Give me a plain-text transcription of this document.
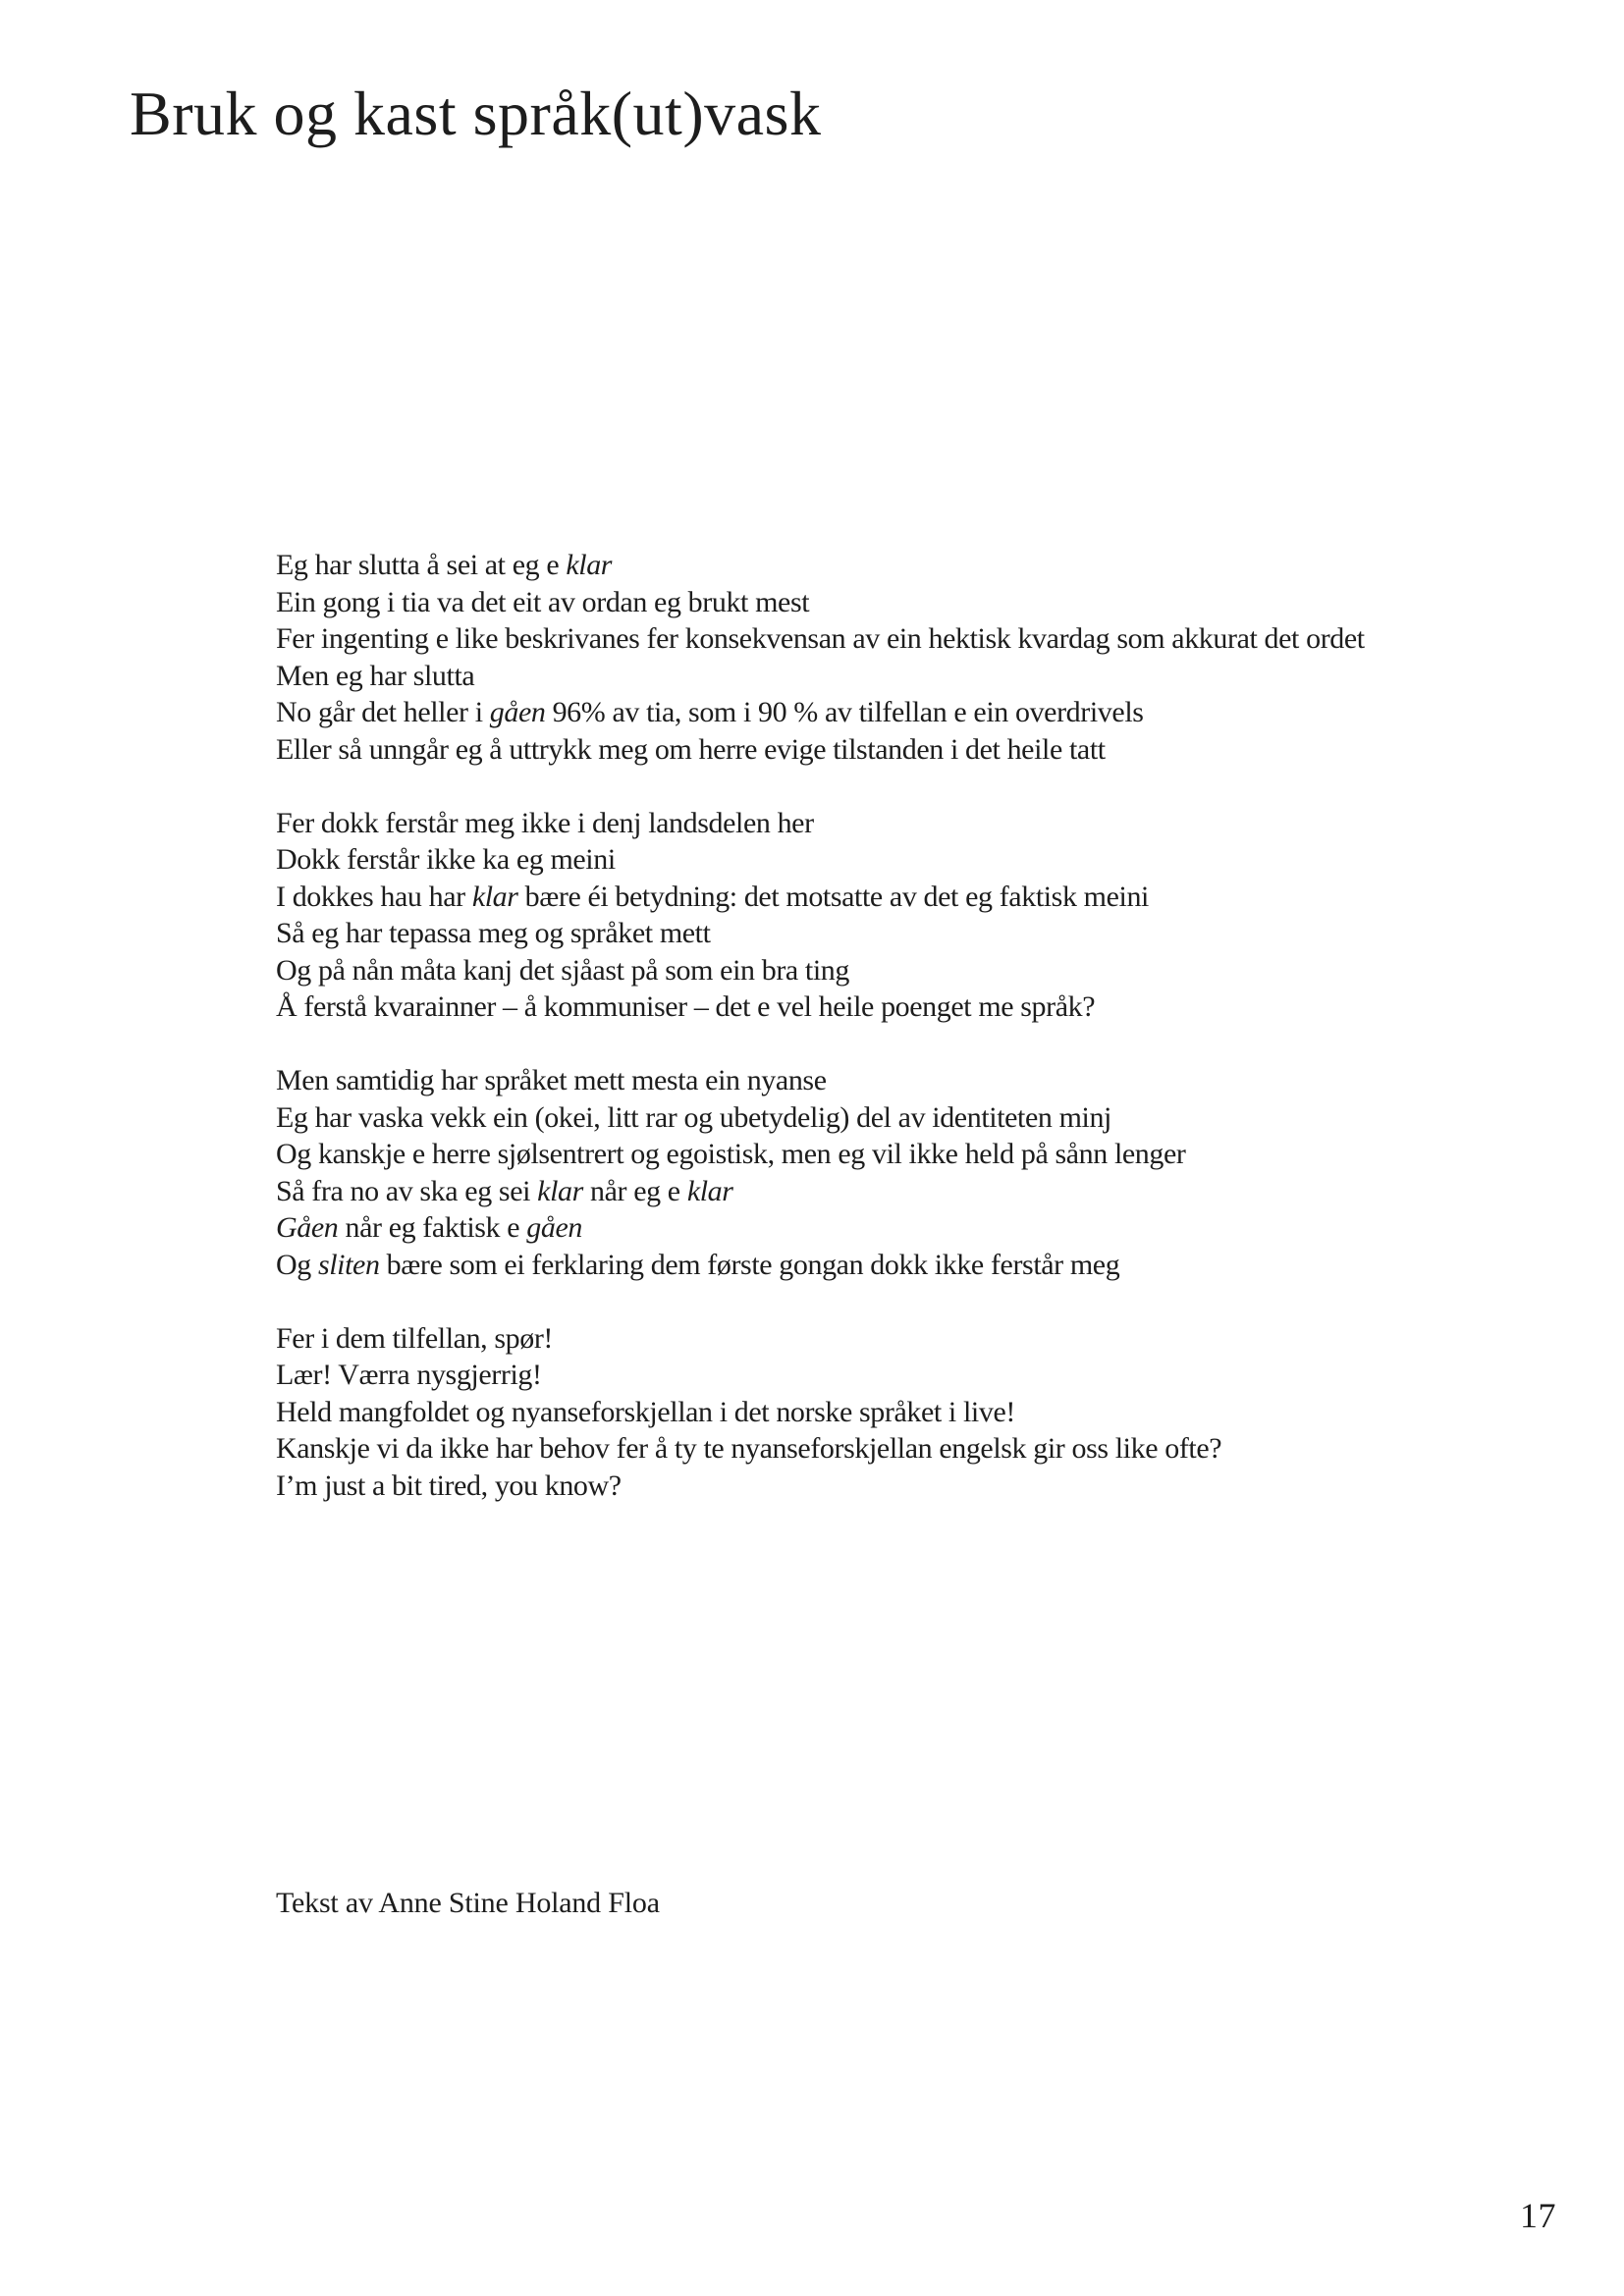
Bruk og kast språk(ut)vask
Eg har slutta å sei at eg e klar
Ein gong i tia va det eit av ordan eg brukt mest
Fer ingenting e like beskrivanes fer konsekvensan av ein hektisk kvardag som akkurat det ordet
Men eg har slutta
No går det heller i gåen 96% av tia, som i 90 % av tilfellan e ein overdrivels
Eller så unngår eg å uttrykk meg om herre evige tilstanden i det heile tatt
Fer dokk ferstår meg ikke i denj landsdelen her
Dokk ferstår ikke ka eg meini
I dokkes hau har klar bære éi betydning: det motsatte av det eg faktisk meini
Så eg har tepassa meg og språket mett
Og på nån måta kanj det sjåast på som ein bra ting
Å ferstå kvarainner – å kommuniser – det e vel heile poenget me språk?
Men samtidig har språket mett mesta ein nyanse
Eg har vaska vekk ein (okei, litt rar og ubetydelig) del av identiteten minj
Og kanskje e herre sjølsentrert og egoistisk, men eg vil ikke held på sånn lenger
Så fra no av ska eg sei klar når eg e klar
Gåen når eg faktisk e gåen
Og sliten bære som ei ferklaring dem første gongan dokk ikke ferstår meg
Fer i dem tilfellan, spør!
Lær! Værra nysgjerrig!
Held mangfoldet og nyanseforskjellan i det norske språket i live!
Kanskje vi da ikke har behov fer å ty te nyanseforskjellan engelsk gir oss like ofte?
I’m just a bit tired, you know?
Tekst av Anne Stine Holand Floa
17
